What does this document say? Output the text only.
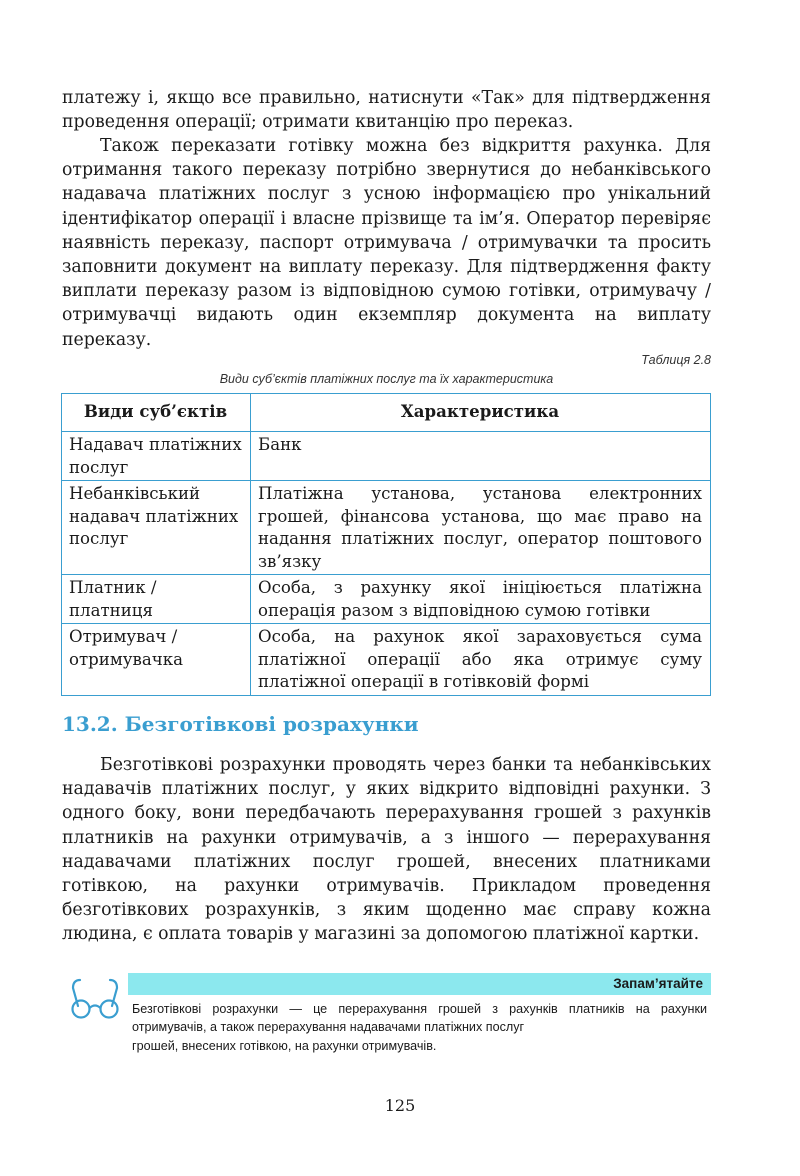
платежу і, якщо все правильно, натиснути «Так» для підтвердження проведення операції; отримати квитанцію про переказ.

Також переказати готівку можна без відкриття рахунка. Для отримання такого переказу потрібно звернутися до небанківського надавача платіжних послуг з усною інформацією про унікальний ідентифікатор операції і власне прізвище та ім’я. Оператор перевіряє наявність переказу, паспорт отримувача / отримувачки та просить заповнити документ на виплату переказу. Для підтвердження факту виплати переказу разом із відповідною сумою готівки, отримувачу / отримувачці видають один екземпляр документа на виплату переказу.

Таблиця 2.8
Види суб’єктів платіжних послуг та їх характеристика
Види суб’єктів	Характеристика
Надавач платіжних послуг	Банк
Небанківський надавач платіжних послуг	Платіжна установа, установа електронних грошей, фінансова установа, що має право на надання платіжних послуг, оператор поштового зв’язку
Платник / платниця	Особа, з рахунку якої ініціюється платіжна операція разом з відповідною сумою готівки
Отримувач / отримувачка	Особа, на рахунок якої зараховується сума платіжної операції або яка отримує суму платіжної операції в готівковій формі
13.2. Безготівкові розрахунки

Безготівкові розрахунки проводять через банки та небанківських надавачів платіжних послуг, у яких відкрито відповідні рахунки. З одного боку, вони передбачають перерахування грошей з рахунків платників на рахунки отримувачів, а з іншого — перерахування надавачами платіжних послуг грошей, внесених платниками готівкою, на рахунки отримувачів. Прикладом проведення безготівкових розрахунків, з яким щоденно має справу кожна людина, є оплата товарів у магазині за допомогою платіжної картки.

Запам’ятайте
Безготівкові розрахунки — це перерахування грошей з рахунків платників на рахунки отримувачів, а також перерахування надавачами платіжних послуг
грошей, внесених готівкою, на рахунки отримувачів.
125
